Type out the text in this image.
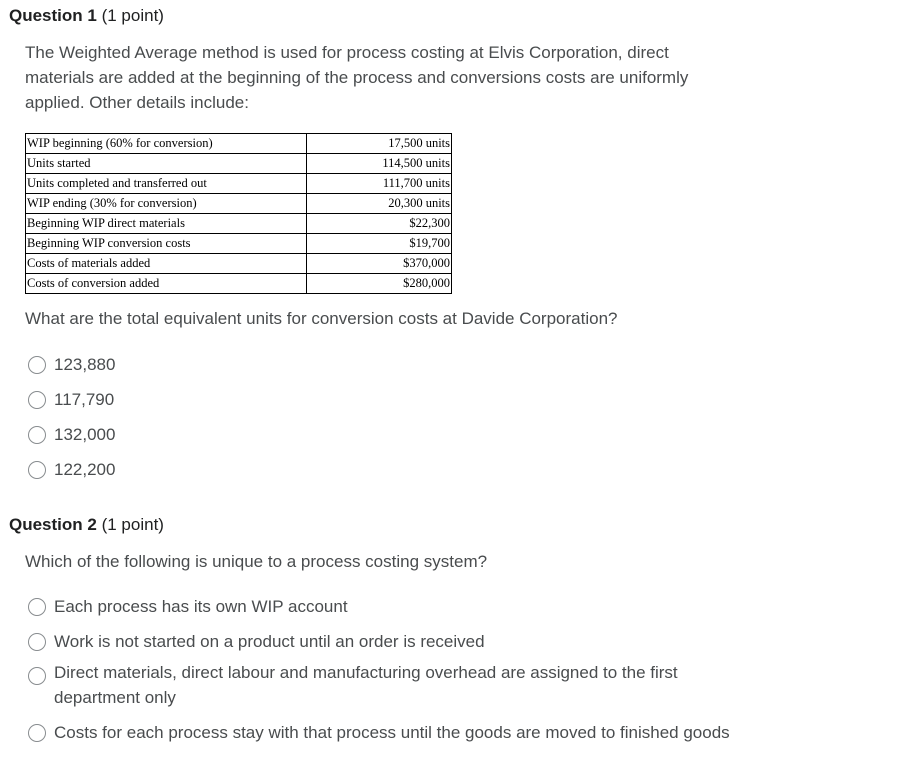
Question 1 (1 point)
The Weighted Average method is used for process costing at Elvis Corporation, direct materials are added at the beginning of the process and conversions costs are uniformly applied. Other details include:
WIP beginning (60% for conversion)	17,500 units
Units started	114,500 units
Units completed and transferred out	111,700 units
WIP ending (30% for conversion)	20,300 units
Beginning WIP direct materials	$22,300
Beginning WIP conversion costs	$19,700
Costs of materials added	$370,000
Costs of conversion added	$280,000
What are the total equivalent units for conversion costs at Davide Corporation?
123,880
117,790
132,000
122,200
Question 2 (1 point)
Which of the following is unique to a process costing system?
Each process has its own WIP account
Work is not started on a product until an order is received
Direct materials, direct labour and manufacturing overhead are assigned to the first department only
Costs for each process stay with that process until the goods are moved to finished goods
